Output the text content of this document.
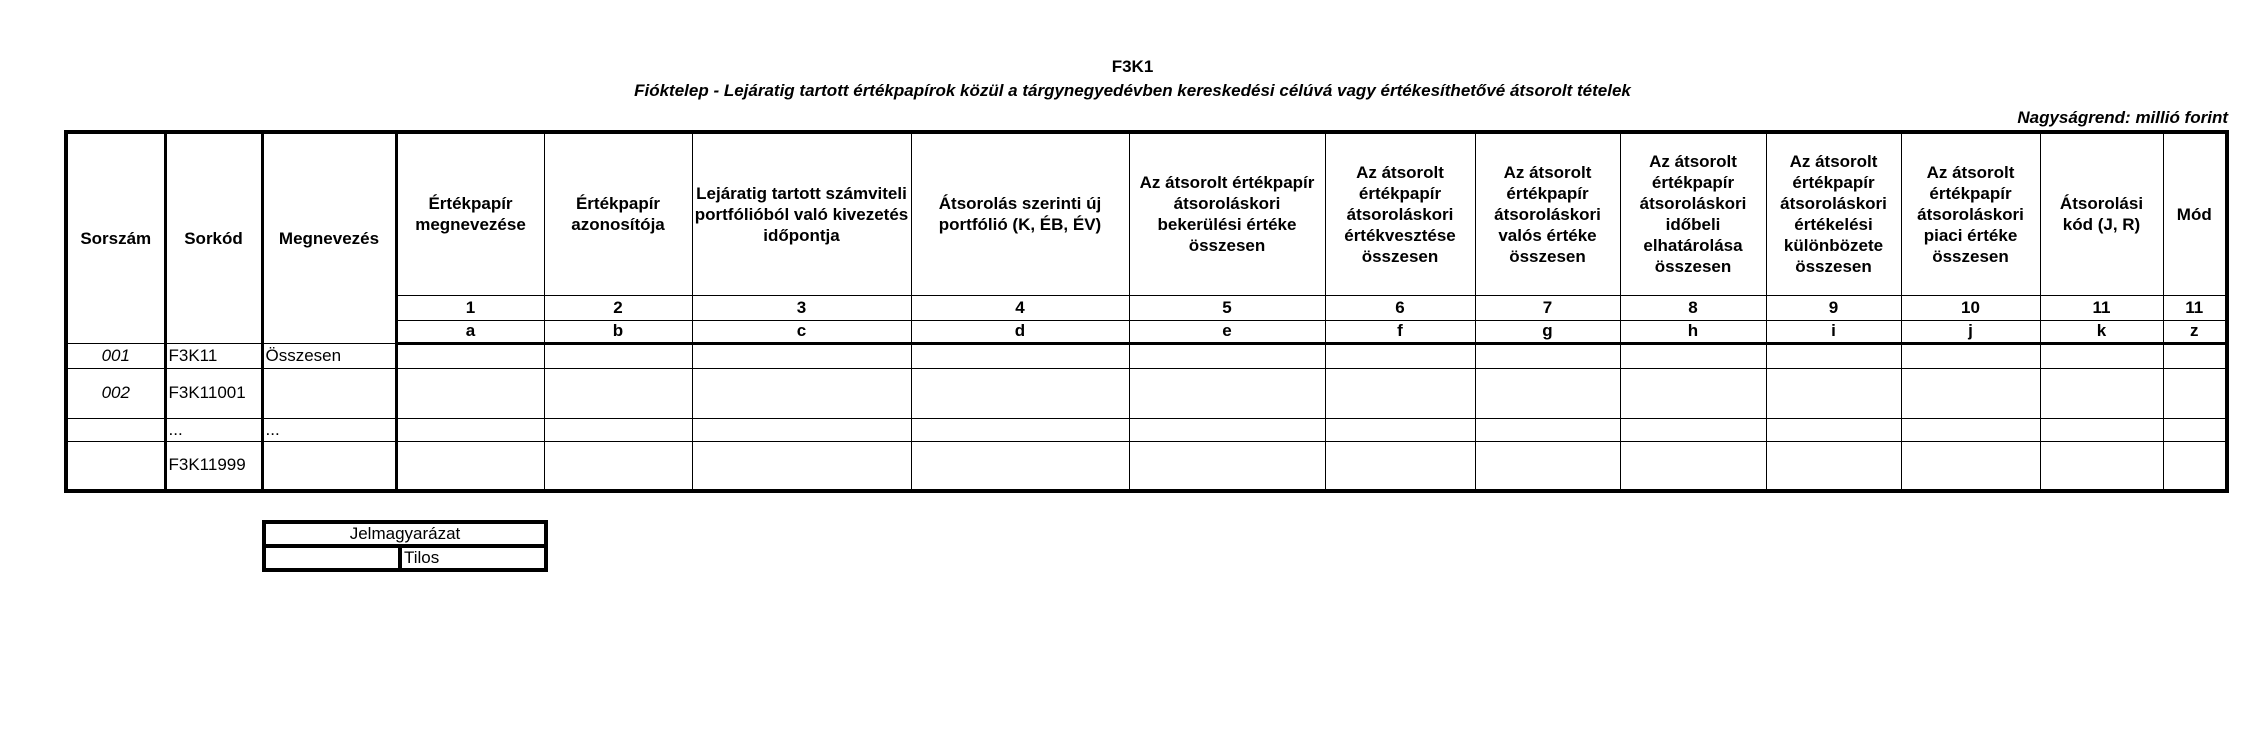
F3K1
Fióktelep - Lejáratig tartott értékpapírok közül a tárgynegyedévben kereskedési célúvá vagy értékesíthetővé átsorolt tételek
Nagyságrend: millió forint
Sorszám	Sorkód	Megnevezés	Értékpapír megnevezése	Értékpapír azonosítója	Lejáratig tartott számviteli portfólióból való kivezetés időpontja	Átsorolás szerinti új portfólió (K, ÉB, ÉV)	Az átsorolt értékpapír átsoroláskori bekerülési értéke összesen	Az átsorolt értékpapír átsoroláskori értékvesztése összesen	Az átsorolt értékpapír átsoroláskori valós értéke összesen	Az átsorolt értékpapír átsoroláskori időbeli elhatárolása összesen	Az átsorolt értékpapír átsoroláskori értékelési különbözete összesen	Az átsorolt értékpapír átsoroláskori piaci értéke összesen	Átsorolási kód (J, R)	Mód
			1	2	3	4	5	6	7	8	9	10	11	11
			a	b	c	d	e	f	g	h	i	j	k	z
001	F3K11	Összesen												
002	F3K11001													
	...	...												
	F3K11999													
Jelmagyarázat
	Tilos
